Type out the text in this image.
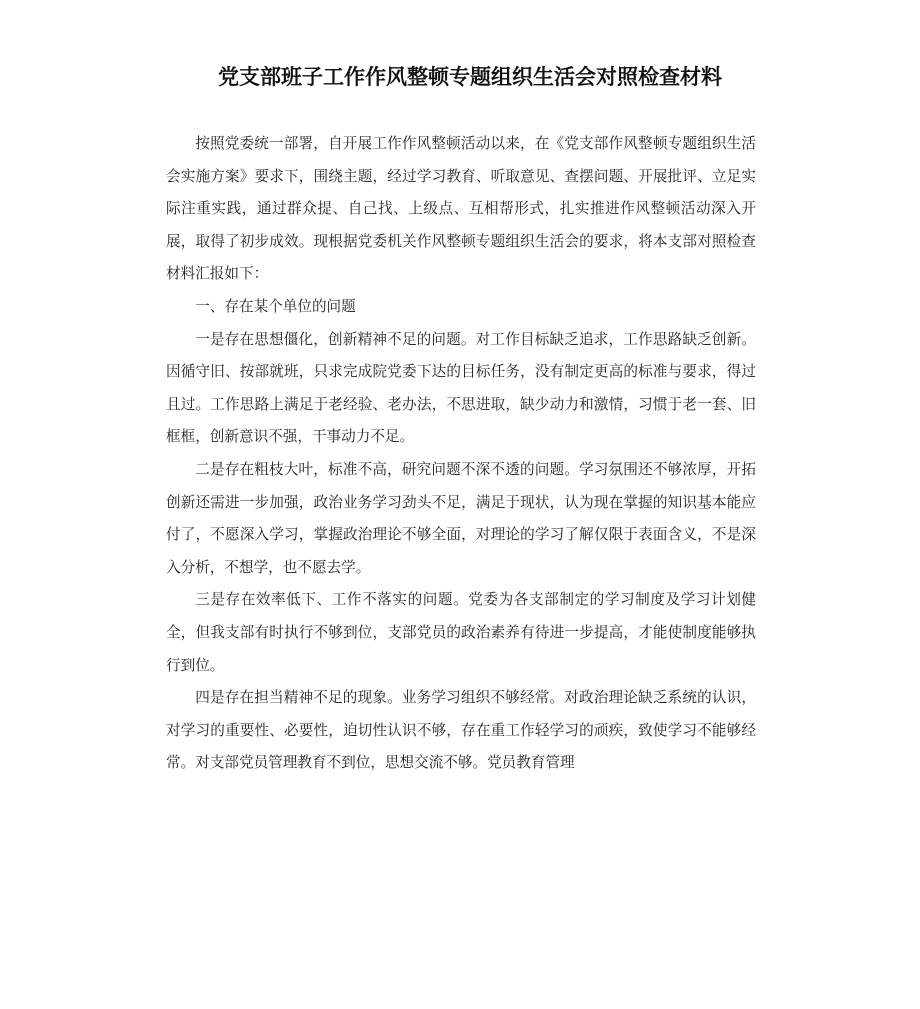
党支部班子工作作风整顿专题组织生活会对照检查材料

按照党委统一部署，自开展工作作风整顿活动以来，在《党支部作风整顿专题组织生活会实施方案》要求下，围绕主题，经过学习教育、听取意见、查摆问题、开展批评、立足实际注重实践，通过群众提、自己找、上级点、互相帮形式，扎实推进作风整顿活动深入开展，取得了初步成效。现根据党委机关作风整顿专题组织生活会的要求，将本支部对照检查材料汇报如下：

一、存在某个单位的问题

一是存在思想僵化，创新精神不足的问题。对工作目标缺乏追求，工作思路缺乏创新。因循守旧、按部就班，只求完成院党委下达的目标任务，没有制定更高的标准与要求，得过且过。工作思路上满足于老经验、老办法，不思进取，缺少动力和激情，习惯于老一套、旧框框，创新意识不强，干事动力不足。

二是存在粗枝大叶，标准不高，研究问题不深不透的问题。学习氛围还不够浓厚，开拓创新还需进一步加强，政治业务学习劲头不足，满足于现状，认为现在掌握的知识基本能应付了，不愿深入学习，掌握政治理论不够全面，对理论的学习了解仅限于表面含义，不是深入分析，不想学，也不愿去学。

三是存在效率低下、工作不落实的问题。党委为各支部制定的学习制度及学习计划健全，但我支部有时执行不够到位，支部党员的政治素养有待进一步提高，才能使制度能够执行到位。

四是存在担当精神不足的现象。业务学习组织不够经常。对政治理论缺乏系统的认识，对学习的重要性、必要性，迫切性认识不够，存在重工作轻学习的顽疾，致使学习不能够经常。对支部党员管理教育不到位，思想交流不够。党员教育管理
